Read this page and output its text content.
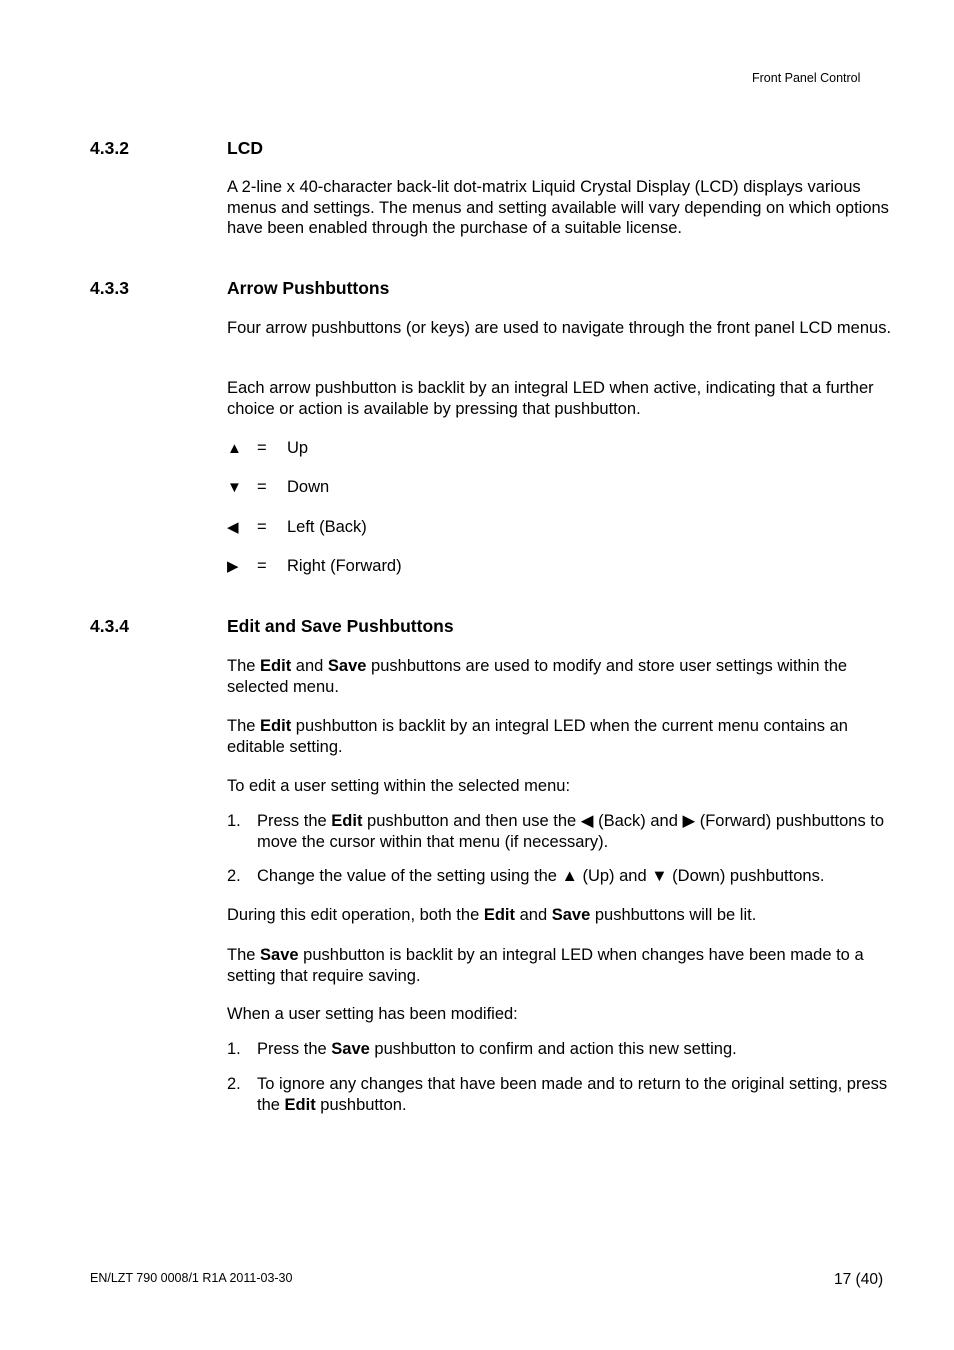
Front Panel Control
4.3.2	LCD

A 2-line x 40-character back-lit dot-matrix Liquid Crystal Display (LCD) displays various menus and settings. The menus and setting available will vary depending on which options have been enabled through the purchase of a suitable license.

4.3.3	Arrow Pushbuttons

Four arrow pushbuttons (or keys) are used to navigate through the front panel LCD menus.

Each arrow pushbutton is backlit by an integral LED when active, indicating that a further choice or action is available by pressing that pushbutton.

▲ = Up
▼ = Down
◀ = Left (Back)
▶ = Right (Forward)
4.3.4	Edit and Save Pushbuttons

The Edit and Save pushbuttons are used to modify and store user settings within the selected menu.

The Edit pushbutton is backlit by an integral LED when the current menu contains an editable setting.

To edit a user setting within the selected menu:

1. Press the Edit pushbutton and then use the ◀ (Back) and ▶ (Forward) pushbuttons to move the cursor within that menu (if necessary).
2. Change the value of the setting using the ▲ (Up) and ▼ (Down) pushbuttons.

During this edit operation, both the Edit and Save pushbuttons will be lit.

The Save pushbutton is backlit by an integral LED when changes have been made to a setting that require saving.

When a user setting has been modified:

1. Press the Save pushbutton to confirm and action this new setting.
2. To ignore any changes that have been made and to return to the original setting, press the Edit pushbutton.
EN/LZT 790 0008/1 R1A 2011-03-30	17 (40)
